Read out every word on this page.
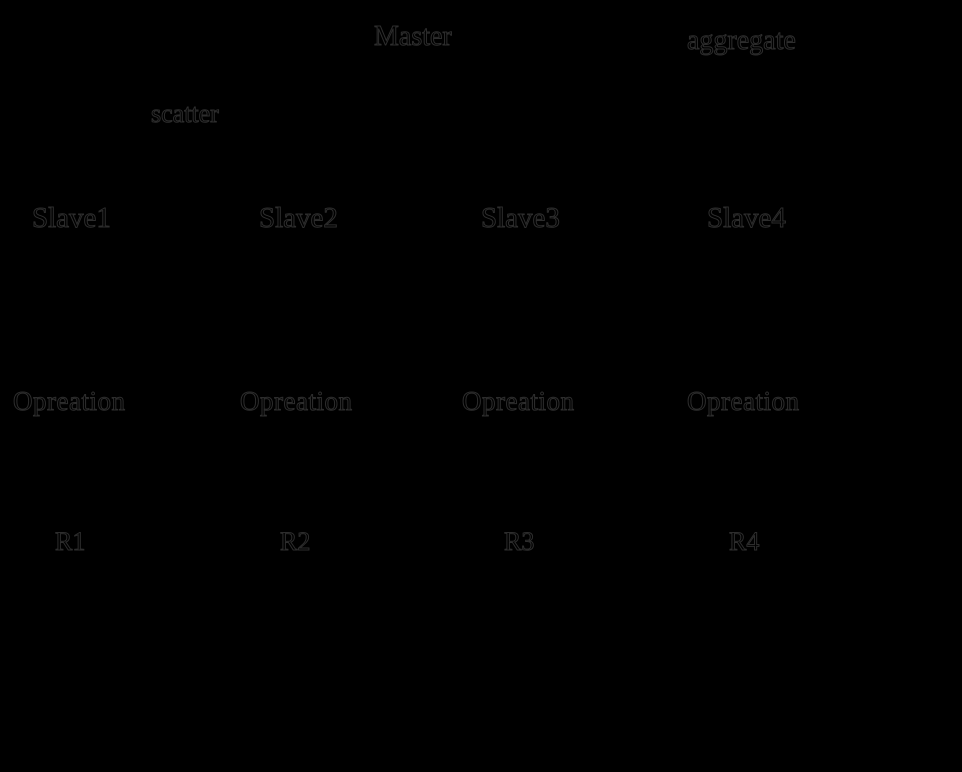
Master	aggregate
scatter
Slave1	Slave2	Slave3	Slave4
Opreation	Opreation	Opreation	Opreation
R1	R2	R3	R4
